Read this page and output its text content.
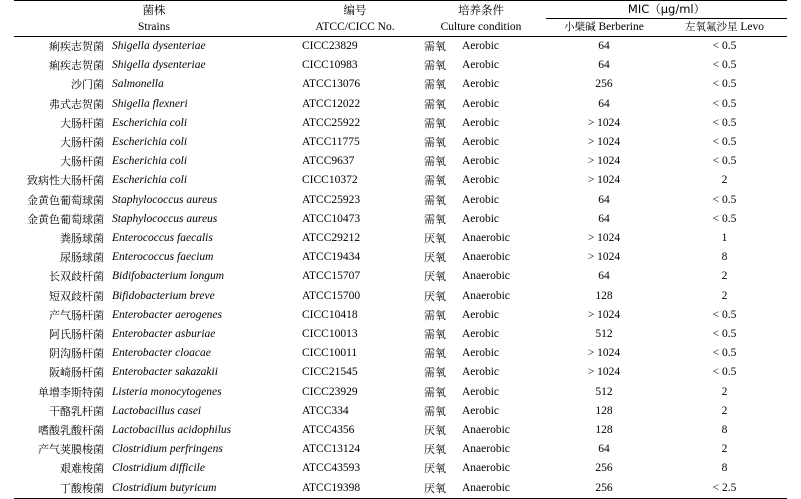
菌株		编号	培养条件		MIC（μg/ml）	
Strains		ATCC/CICC No.	Culture condition		小檗碱 Berberine	左氧氟沙星 Levo
痢疾志贺菌	Shigella dysenteriae	CICC23829	需氧	Aerobic	64	< 0.5
痢疾志贺菌	Shigella dysenteriae	CICC10983	需氧	Aerobic	64	< 0.5
沙门菌	Salmonella	ATCC13076	需氧	Aerobic	256	< 0.5
弗式志贺菌	Shigella flexneri	ATCC12022	需氧	Aerobic	64	< 0.5
大肠杆菌	Escherichia coli	ATCC25922	需氧	Aerobic	> 1024	< 0.5
大肠杆菌	Escherichia coli	ATCC11775	需氧	Aerobic	> 1024	< 0.5
大肠杆菌	Escherichia coli	ATCC9637	需氧	Aerobic	> 1024	< 0.5
致病性大肠杆菌	Escherichia coli	CICC10372	需氧	Aerobic	> 1024	2
金黄色葡萄球菌	Staphylococcus aureus	ATCC25923	需氧	Aerobic	64	< 0.5
金黄色葡萄球菌	Staphylococcus aureus	ATCC10473	需氧	Aerobic	64	< 0.5
粪肠球菌	Enterococcus faecalis	ATCC29212	厌氧	Anaerobic	> 1024	1
尿肠球菌	Enterococcus faecium	ATCC19434	厌氧	Anaerobic	> 1024	8
长双歧杆菌	Bidifobacterium longum	ATCC15707	厌氧	Anaerobic	64	2
短双歧杆菌	Bifidobacterium breve	ATCC15700	厌氧	Anaerobic	128	2
产气肠杆菌	Enterobacter aerogenes	CICC10418	需氧	Aerobic	> 1024	< 0.5
阿氏肠杆菌	Enterobacter asburiae	CICC10013	需氧	Aerobic	512	< 0.5
阴沟肠杆菌	Enterobacter cloacae	CICC10011	需氧	Aerobic	> 1024	< 0.5
阪崎肠杆菌	Enterobacter sakazakii	CICC21545	需氧	Aerobic	> 1024	< 0.5
单增李斯特菌	Listeria monocytogenes	CICC23929	需氧	Aerobic	512	2
干酪乳杆菌	Lactobacillus casei	ATCC334	需氧	Aerobic	128	2
嗜酸乳酸杆菌	Lactobacillus acidophilus	ATCC4356	厌氧	Anaerobic	128	8
产气荚膜梭菌	Clostridium perfringens	ATCC13124	厌氧	Anaerobic	64	2
艰难梭菌	Clostridium difficile	ATCC43593	厌氧	Anaerobic	256	8
丁酸梭菌	Clostridium butyricum	ATCC19398	厌氧	Anaerobic	256	< 2.5
